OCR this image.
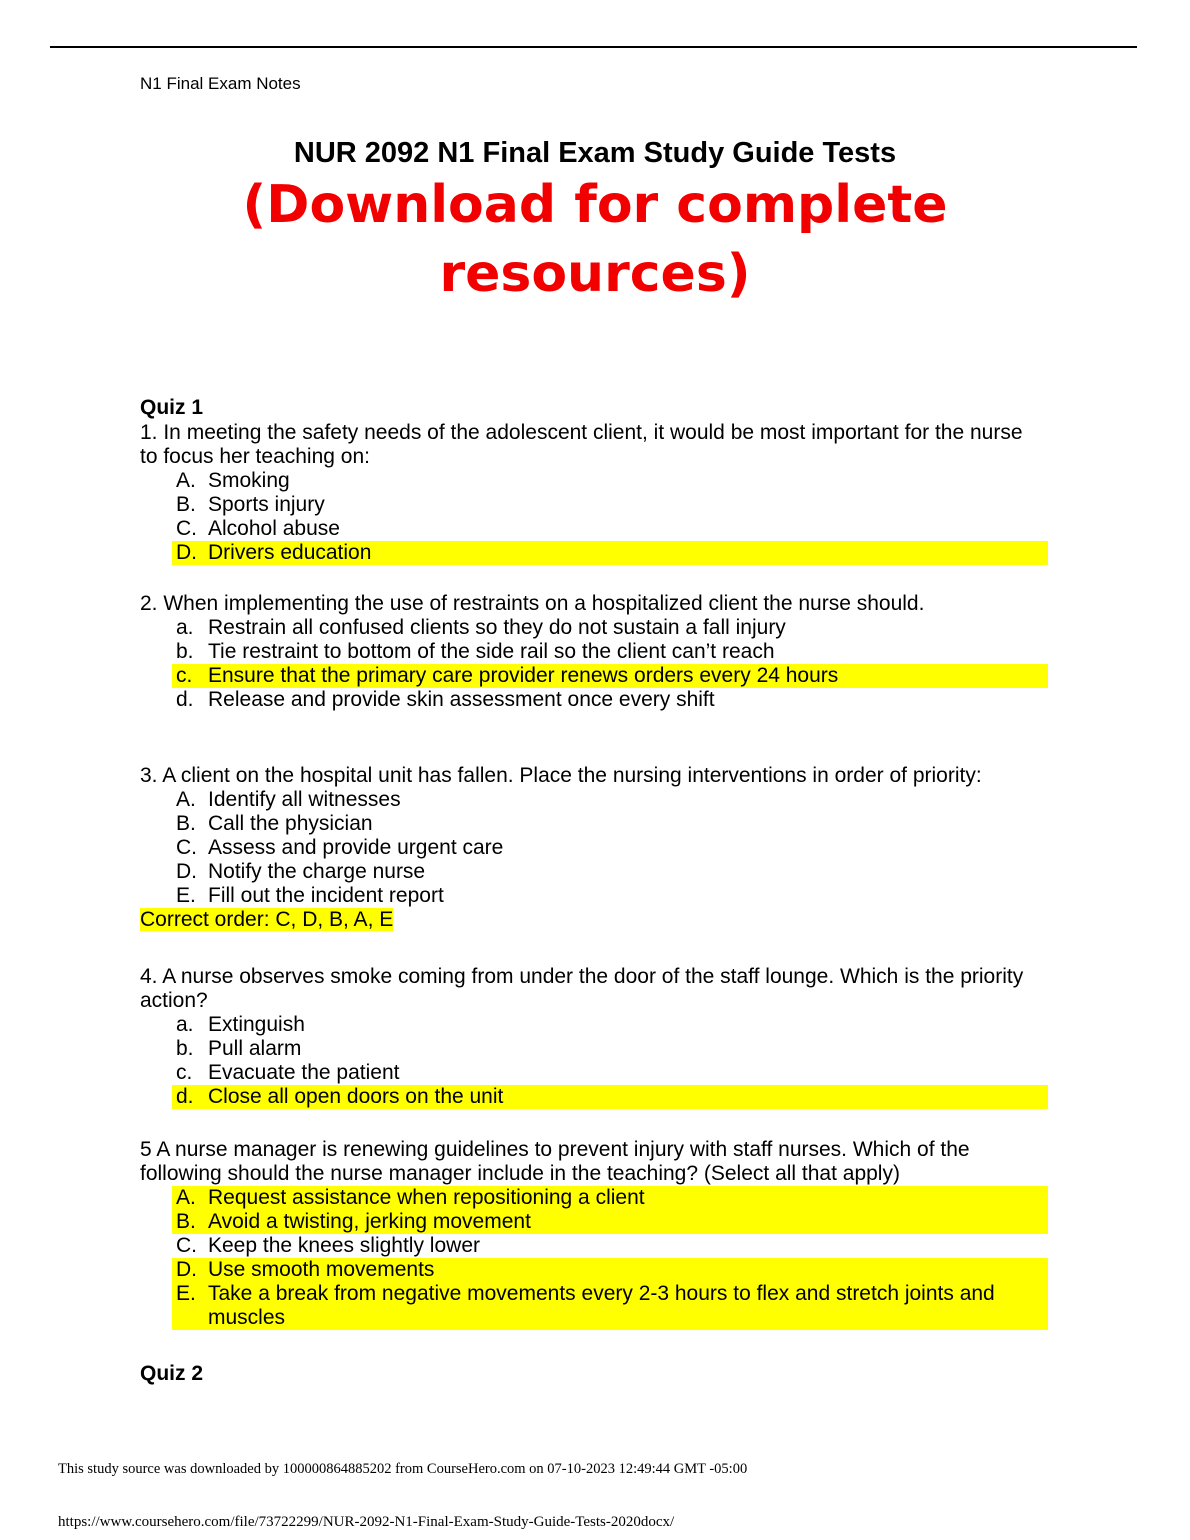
N1 Final Exam Notes
NUR 2092 N1 Final Exam Study Guide Tests
(Download for complete
resources)
Quiz 1
1. In meeting the safety needs of the adolescent client, it would be most important for the nurse to focus her teaching on:
A. Smoking
B. Sports injury
C. Alcohol abuse
D. Drivers education
2. When implementing the use of restraints on a hospitalized client the nurse should.
a. Restrain all confused clients so they do not sustain a fall injury
b. Tie restraint to bottom of the side rail so the client can’t reach
c. Ensure that the primary care provider renews orders every 24 hours
d. Release and provide skin assessment once every shift
3. A client on the hospital unit has fallen. Place the nursing interventions in order of priority:
A. Identify all witnesses
B. Call the physician
C. Assess and provide urgent care
D. Notify the charge nurse
E. Fill out the incident report
Correct order: C, D, B, A, E
4. A nurse observes smoke coming from under the door of the staff lounge. Which is the priority action?
a. Extinguish
b. Pull alarm
c. Evacuate the patient
d. Close all open doors on the unit
5 A nurse manager is renewing guidelines to prevent injury with staff nurses. Which of the following should the nurse manager include in the teaching? (Select all that apply)
A. Request assistance when repositioning a client
B. Avoid a twisting, jerking movement
C. Keep the knees slightly lower
D. Use smooth movements
E. Take a break from negative movements every 2-3 hours to flex and stretch joints and muscles
Quiz 2
This study source was downloaded by 100000864885202 from CourseHero.com on 07-10-2023 12:49:44 GMT -05:00
https://www.coursehero.com/file/73722299/NUR-2092-N1-Final-Exam-Study-Guide-Tests-2020docx/
